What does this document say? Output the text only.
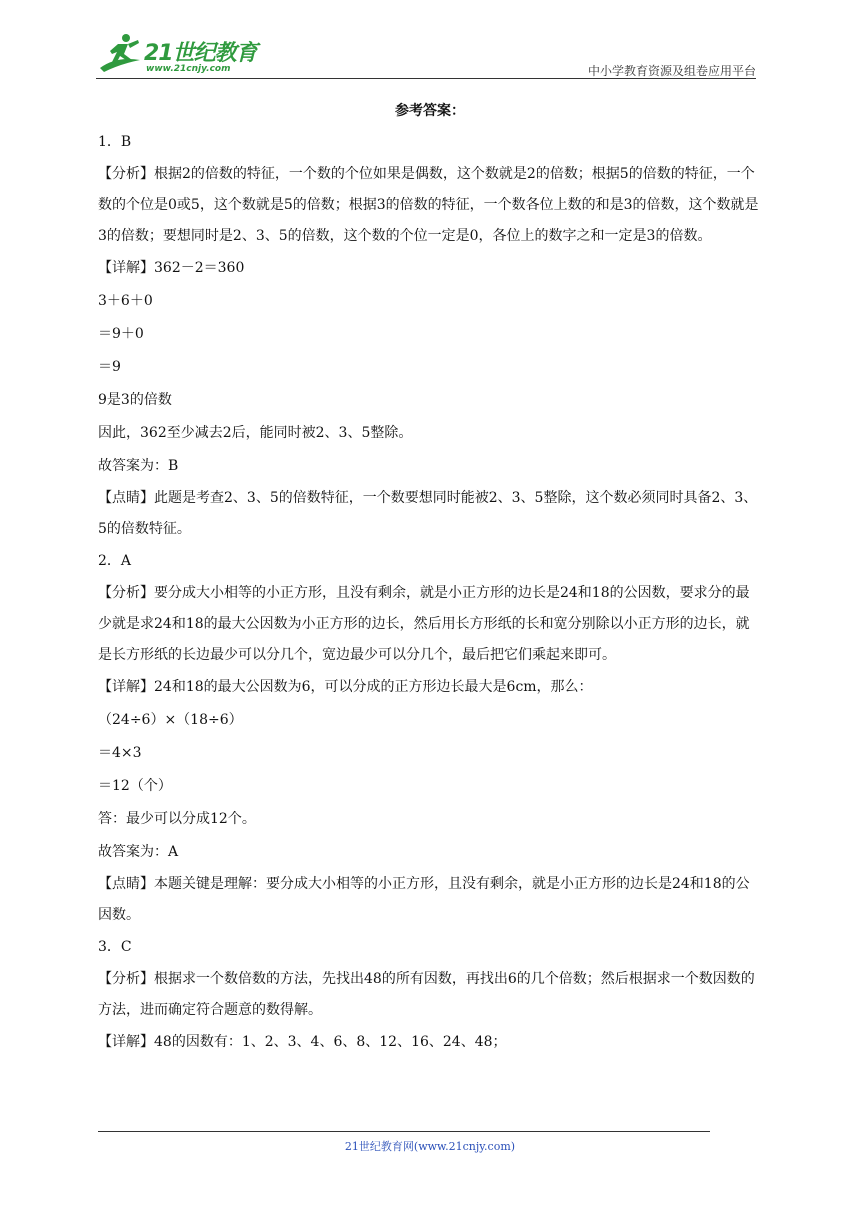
21世纪教育
www.21cnjy.com	中小学教育资源及组卷应用平台
参考答案：

1．B

【分析】根据2的倍数的特征，一个数的个位如果是偶数，这个数就是2的倍数；根据5的倍数的特征，一个数的个位是0或5，这个数就是5的倍数；根据3的倍数的特征，一个数各位上数的和是3的倍数，这个数就是3的倍数；要想同时是2、3、5的倍数，这个数的个位一定是0，各位上的数字之和一定是3的倍数。

【详解】362－2＝360

3＋6＋0

＝9＋0

＝9

9是3的倍数

因此，362至少减去2后，能同时被2、3、5整除。

故答案为：B

【点睛】此题是考查2、3、5的倍数特征，一个数要想同时能被2、3、5整除，这个数必须同时具备2、3、5的倍数特征。

2．A

【分析】要分成大小相等的小正方形，且没有剩余，就是小正方形的边长是24和18的公因数，要求分的最少就是求24和18的最大公因数为小正方形的边长，然后用长方形纸的长和宽分别除以小正方形的边长，就是长方形纸的长边最少可以分几个，宽边最少可以分几个，最后把它们乘起来即可。

【详解】24和18的最大公因数为6，可以分成的正方形边长最大是6cm，那么：

（24÷6）×（18÷6）

＝4×3

＝12（个）

答：最少可以分成12个。

故答案为：A

【点睛】本题关键是理解：要分成大小相等的小正方形，且没有剩余，就是小正方形的边长是24和18的公因数。

3．C

【分析】根据求一个数倍数的方法，先找出48的所有因数，再找出6的几个倍数；然后根据求一个数因数的方法，进而确定符合题意的数得解。

【详解】48的因数有：1、2、3、4、6、8、12、16、24、48；

21世纪教育网(www.21cnjy.com)
